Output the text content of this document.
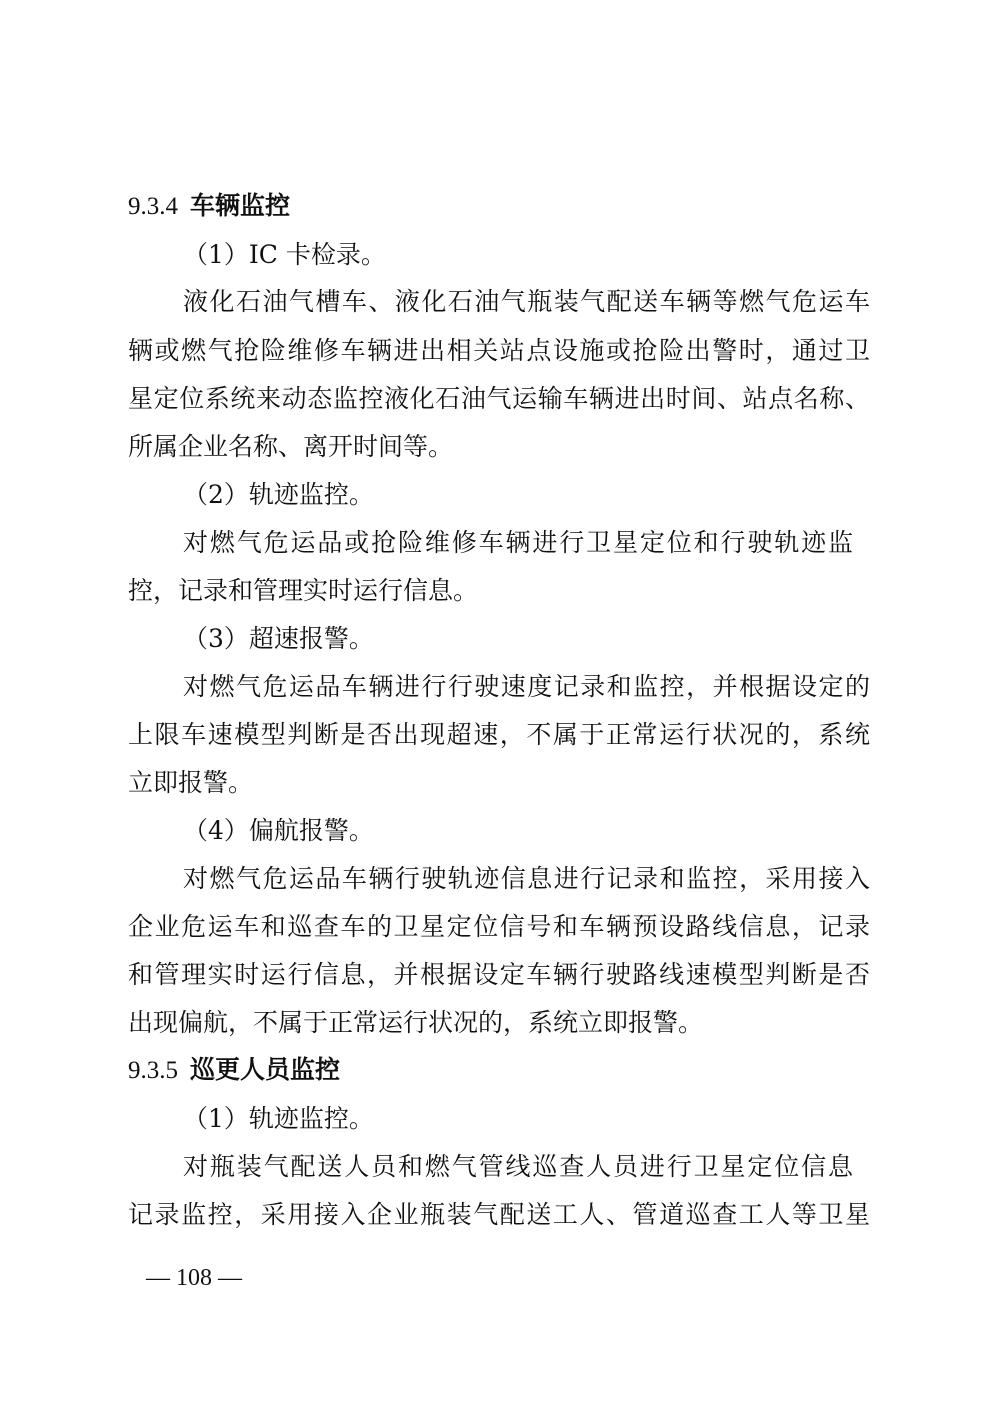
9.3.4 车辆监控
（1）IC 卡检录。
液化石油气槽车、液化石油气瓶装气配送车辆等燃气危运车
辆或燃气抢险维修车辆进出相关站点设施或抢险出警时，通过卫
星定位系统来动态监控液化石油气运输车辆进出时间、站点名称、
所属企业名称、离开时间等。
（2）轨迹监控。
对燃气危运品或抢险维修车辆进行卫星定位和行驶轨迹监
控，记录和管理实时运行信息。
（3）超速报警。
对燃气危运品车辆进行行驶速度记录和监控，并根据设定的
上限车速模型判断是否出现超速，不属于正常运行状况的，系统
立即报警。
（4）偏航报警。
对燃气危运品车辆行驶轨迹信息进行记录和监控，采用接入
企业危运车和巡查车的卫星定位信号和车辆预设路线信息，记录
和管理实时运行信息，并根据设定车辆行驶路线速模型判断是否
出现偏航，不属于正常运行状况的，系统立即报警。
9.3.5 巡更人员监控
（1）轨迹监控。
对瓶装气配送人员和燃气管线巡查人员进行卫星定位信息
记录监控，采用接入企业瓶装气配送工人、管道巡查工人等卫星
— 108 —
